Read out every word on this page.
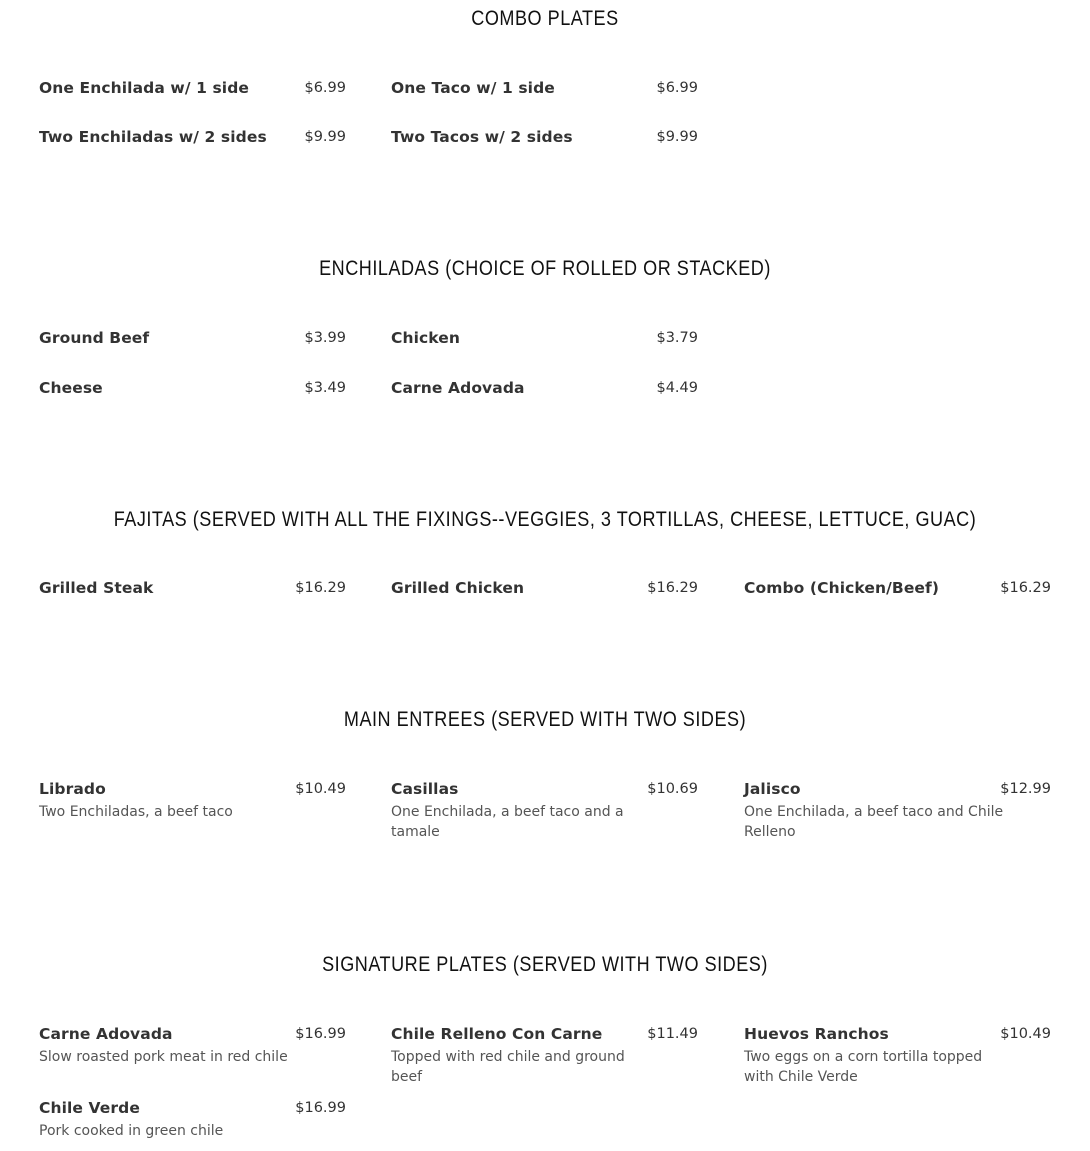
COMBO PLATES
One Enchilada w/ 1 side	$6.99	One Taco w/ 1 side	$6.99
Two Enchiladas w/ 2 sides	$9.99	Two Tacos w/ 2 sides	$9.99
ENCHILADAS (CHOICE OF ROLLED OR STACKED)
Ground Beef	$3.99	Chicken	$3.79
Cheese	$3.49	Carne Adovada	$4.49
FAJITAS (SERVED WITH ALL THE FIXINGS--VEGGIES, 3 TORTILLAS, CHEESE, LETTUCE, GUAC)
Grilled Steak	$16.29	Grilled Chicken	$16.29	Combo (Chicken/Beef)	$16.29
MAIN ENTREES (SERVED WITH TWO SIDES)
Librado	$10.49
Two Enchiladas, a beef taco
Casillas	$10.69
One Enchilada, a beef taco and a tamale
Jalisco	$12.99
One Enchilada, a beef taco and Chile Relleno
SIGNATURE PLATES (SERVED WITH TWO SIDES)
Carne Adovada	$16.99
Slow roasted pork meat in red chile
Chile Relleno Con Carne	$11.49
Topped with red chile and ground beef
Huevos Ranchos	$10.49
Two eggs on a corn tortilla topped with Chile Verde
Chile Verde	$16.99
Pork cooked in green chile
